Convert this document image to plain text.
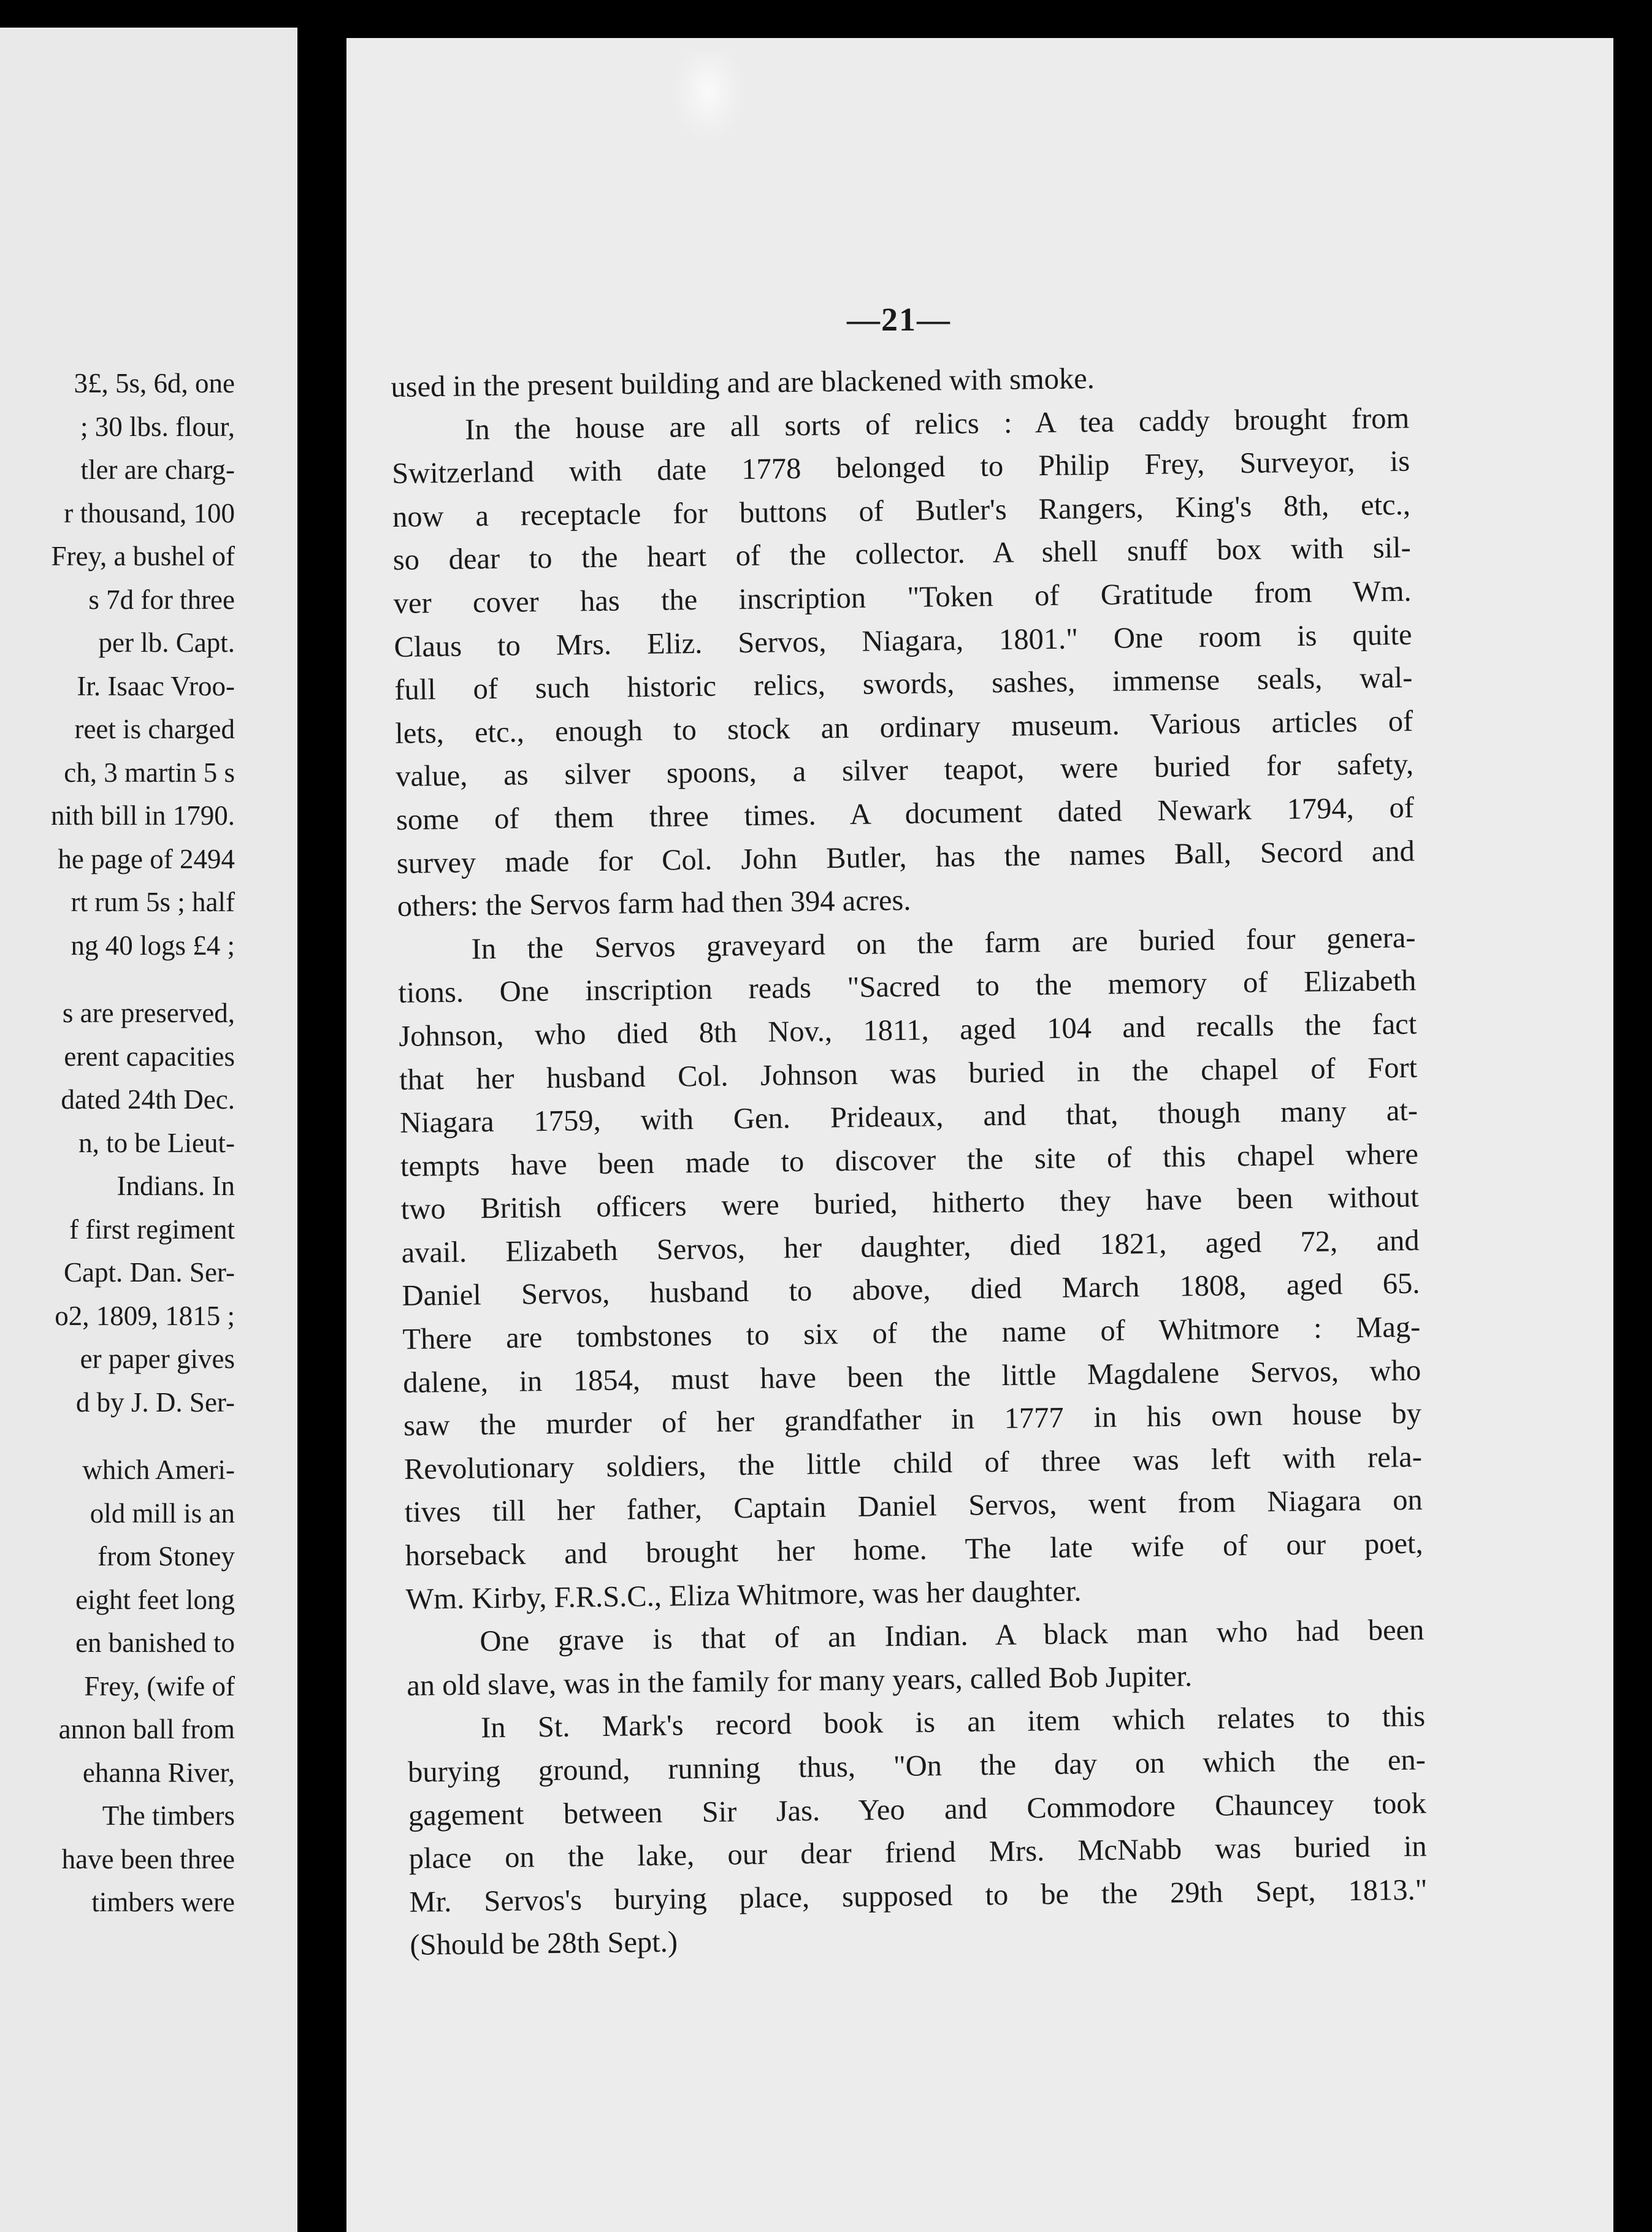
3£, 5s, 6d, one
; 30 lbs. flour,
tler are charg-
r thousand, 100
Frey, a bushel of
s 7d for three
per lb. Capt.
Ir. Isaac Vroo-
reet is charged
ch, 3 martin 5 s
nith bill in 1790.
he page of 2494
rt rum 5s ; half
ng 40 logs £4 ;
s are preserved,
erent capacities
dated 24th Dec.
n, to be Lieut-
Indians. In
f first regiment
Capt. Dan. Ser-
o2, 1809, 1815 ;
er paper gives
d by J. D. Ser-
which Ameri-
old mill is an
from Stoney
eight feet long
en banished to
Frey, (wife of
annon ball from
ehanna River,
The timbers
have been three
timbers were
—21—
used in the present building and are blackened with smoke.
In the house are all sorts of relics : A tea caddy brought from
Switzerland with date 1778 belonged to Philip Frey, Surveyor, is
now a receptacle for buttons of Butler's Rangers, King's 8th, etc.,
so dear to the heart of the collector. A shell snuff box with sil-
ver cover has the inscription "Token of Gratitude from Wm.
Claus to Mrs. Eliz. Servos, Niagara, 1801." One room is quite
full of such historic relics, swords, sashes, immense seals, wal-
lets, etc., enough to stock an ordinary museum. Various articles of
value, as silver spoons, a silver teapot, were buried for safety,
some of them three times. A document dated Newark 1794, of
survey made for Col. John Butler, has the names Ball, Secord and
others: the Servos farm had then 394 acres.
In the Servos graveyard on the farm are buried four genera-
tions. One inscription reads "Sacred to the memory of Elizabeth
Johnson, who died 8th Nov., 1811, aged 104 and recalls the fact
that her husband Col. Johnson was buried in the chapel of Fort
Niagara 1759, with Gen. Prideaux, and that, though many at-
tempts have been made to discover the site of this chapel where
two British officers were buried, hitherto they have been without
avail. Elizabeth Servos, her daughter, died 1821, aged 72, and
Daniel Servos, husband to above, died March 1808, aged 65.
There are tombstones to six of the name of Whitmore : Mag-
dalene, in 1854, must have been the little Magdalene Servos, who
saw the murder of her grandfather in 1777 in his own house by
Revolutionary soldiers, the little child of three was left with rela-
tives till her father, Captain Daniel Servos, went from Niagara on
horseback and brought her home. The late wife of our poet,
Wm. Kirby, F.R.S.C., Eliza Whitmore, was her daughter.
One grave is that of an Indian. A black man who had been
an old slave, was in the family for many years, called Bob Jupiter.
In St. Mark's record book is an item which relates to this
burying ground, running thus, "On the day on which the en-
gagement between Sir Jas. Yeo and Commodore Chauncey took
place on the lake, our dear friend Mrs. McNabb was buried in
Mr. Servos's burying place, supposed to be the 29th Sept, 1813."
(Should be 28th Sept.)
